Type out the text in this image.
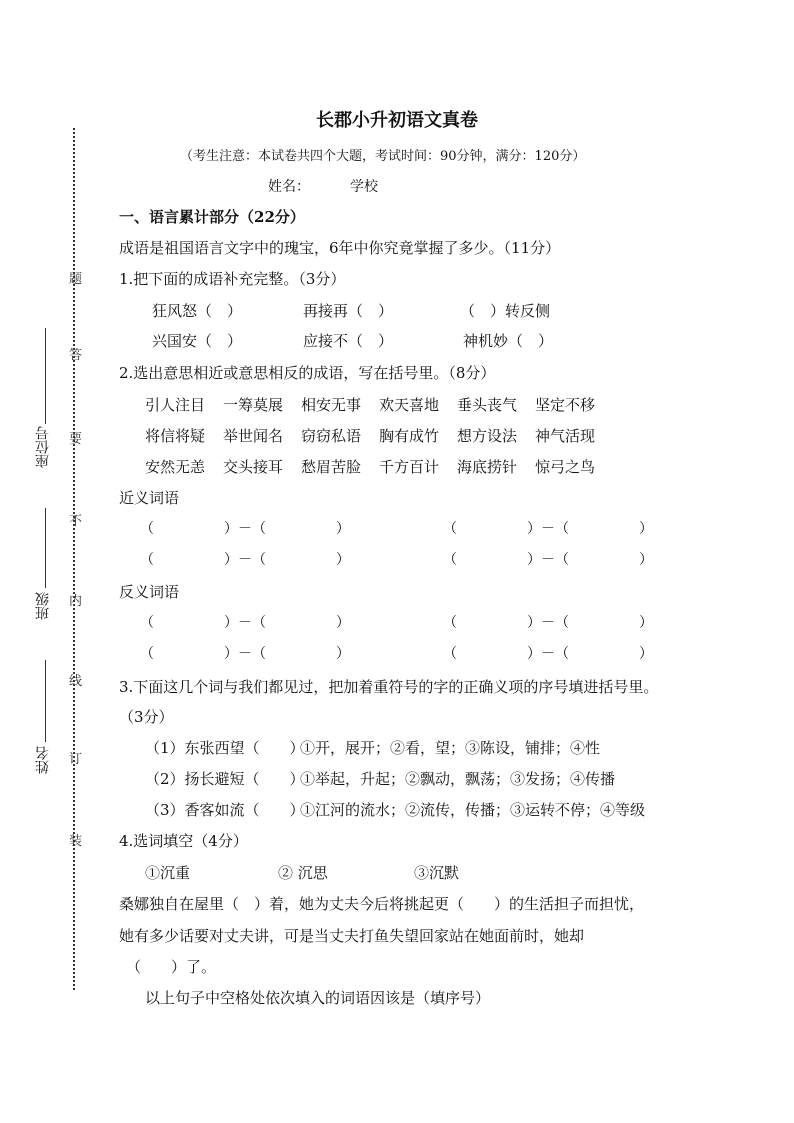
题
答
要
不
内
线
订
装
座位号
班级
姓名
长郡小升初语文真卷
（考生注意：本试卷共四个大题，考试时间：90分钟，满分：120分）
姓名：	学校
一、语言累计部分（22分）
成语是祖国语言文字中的瑰宝，6年中你究竟掌握了多少。（11分）
1.把下面的成语补充完整。（3分）
狂风怒（　）	再接再（　）	（　）转反侧
兴国安（　）	应接不（　）	神机妙（　）
2.选出意思相近或意思相反的成语，写在括号里。（8分）
引人注目 一筹莫展 相安无事 欢天喜地 垂头丧气 坚定不移
将信将疑 举世闻名 窃窃私语 胸有成竹 想方设法 神气活现
安然无恙 交头接耳 愁眉苦脸 千方百计 海底捞针 惊弓之鸟
近义词语
（　　　　　）－（　　　　　）	（　　　　　）－（　　　　　）
（　　　　　）－（　　　　　）	（　　　　　）－（　　　　　）
反义词语
（　　　　　）－（　　　　　）	（　　　　　）－（　　　　　）
（　　　　　）－（　　　　　）	（　　　　　）－（　　　　　）
3.下面这几个词与我们都见过，把加着重符号的字的正确义项的序号填进括号里。
（3分）
（1）东张西望（　　）
①开，展开；②看，望；③陈设，铺排；④性
（2）扬长避短（　　）
①举起，升起；②飘动，飘荡；③发扬；④传播
（3）香客如流（　　）
①江河的流水；②流传，传播；③运转不停；④等级
4.选词填空（4分）
①沉重	② 沉思	③沉默
桑娜独自在屋里（　）着，她为丈夫今后将挑起更（　　）的生活担子而担忧，
她有多少话要对丈夫讲，可是当丈夫打鱼失望回家站在她面前时，她却
（　　）了。
以上句子中空格处依次填入的词语因该是（填序号）
